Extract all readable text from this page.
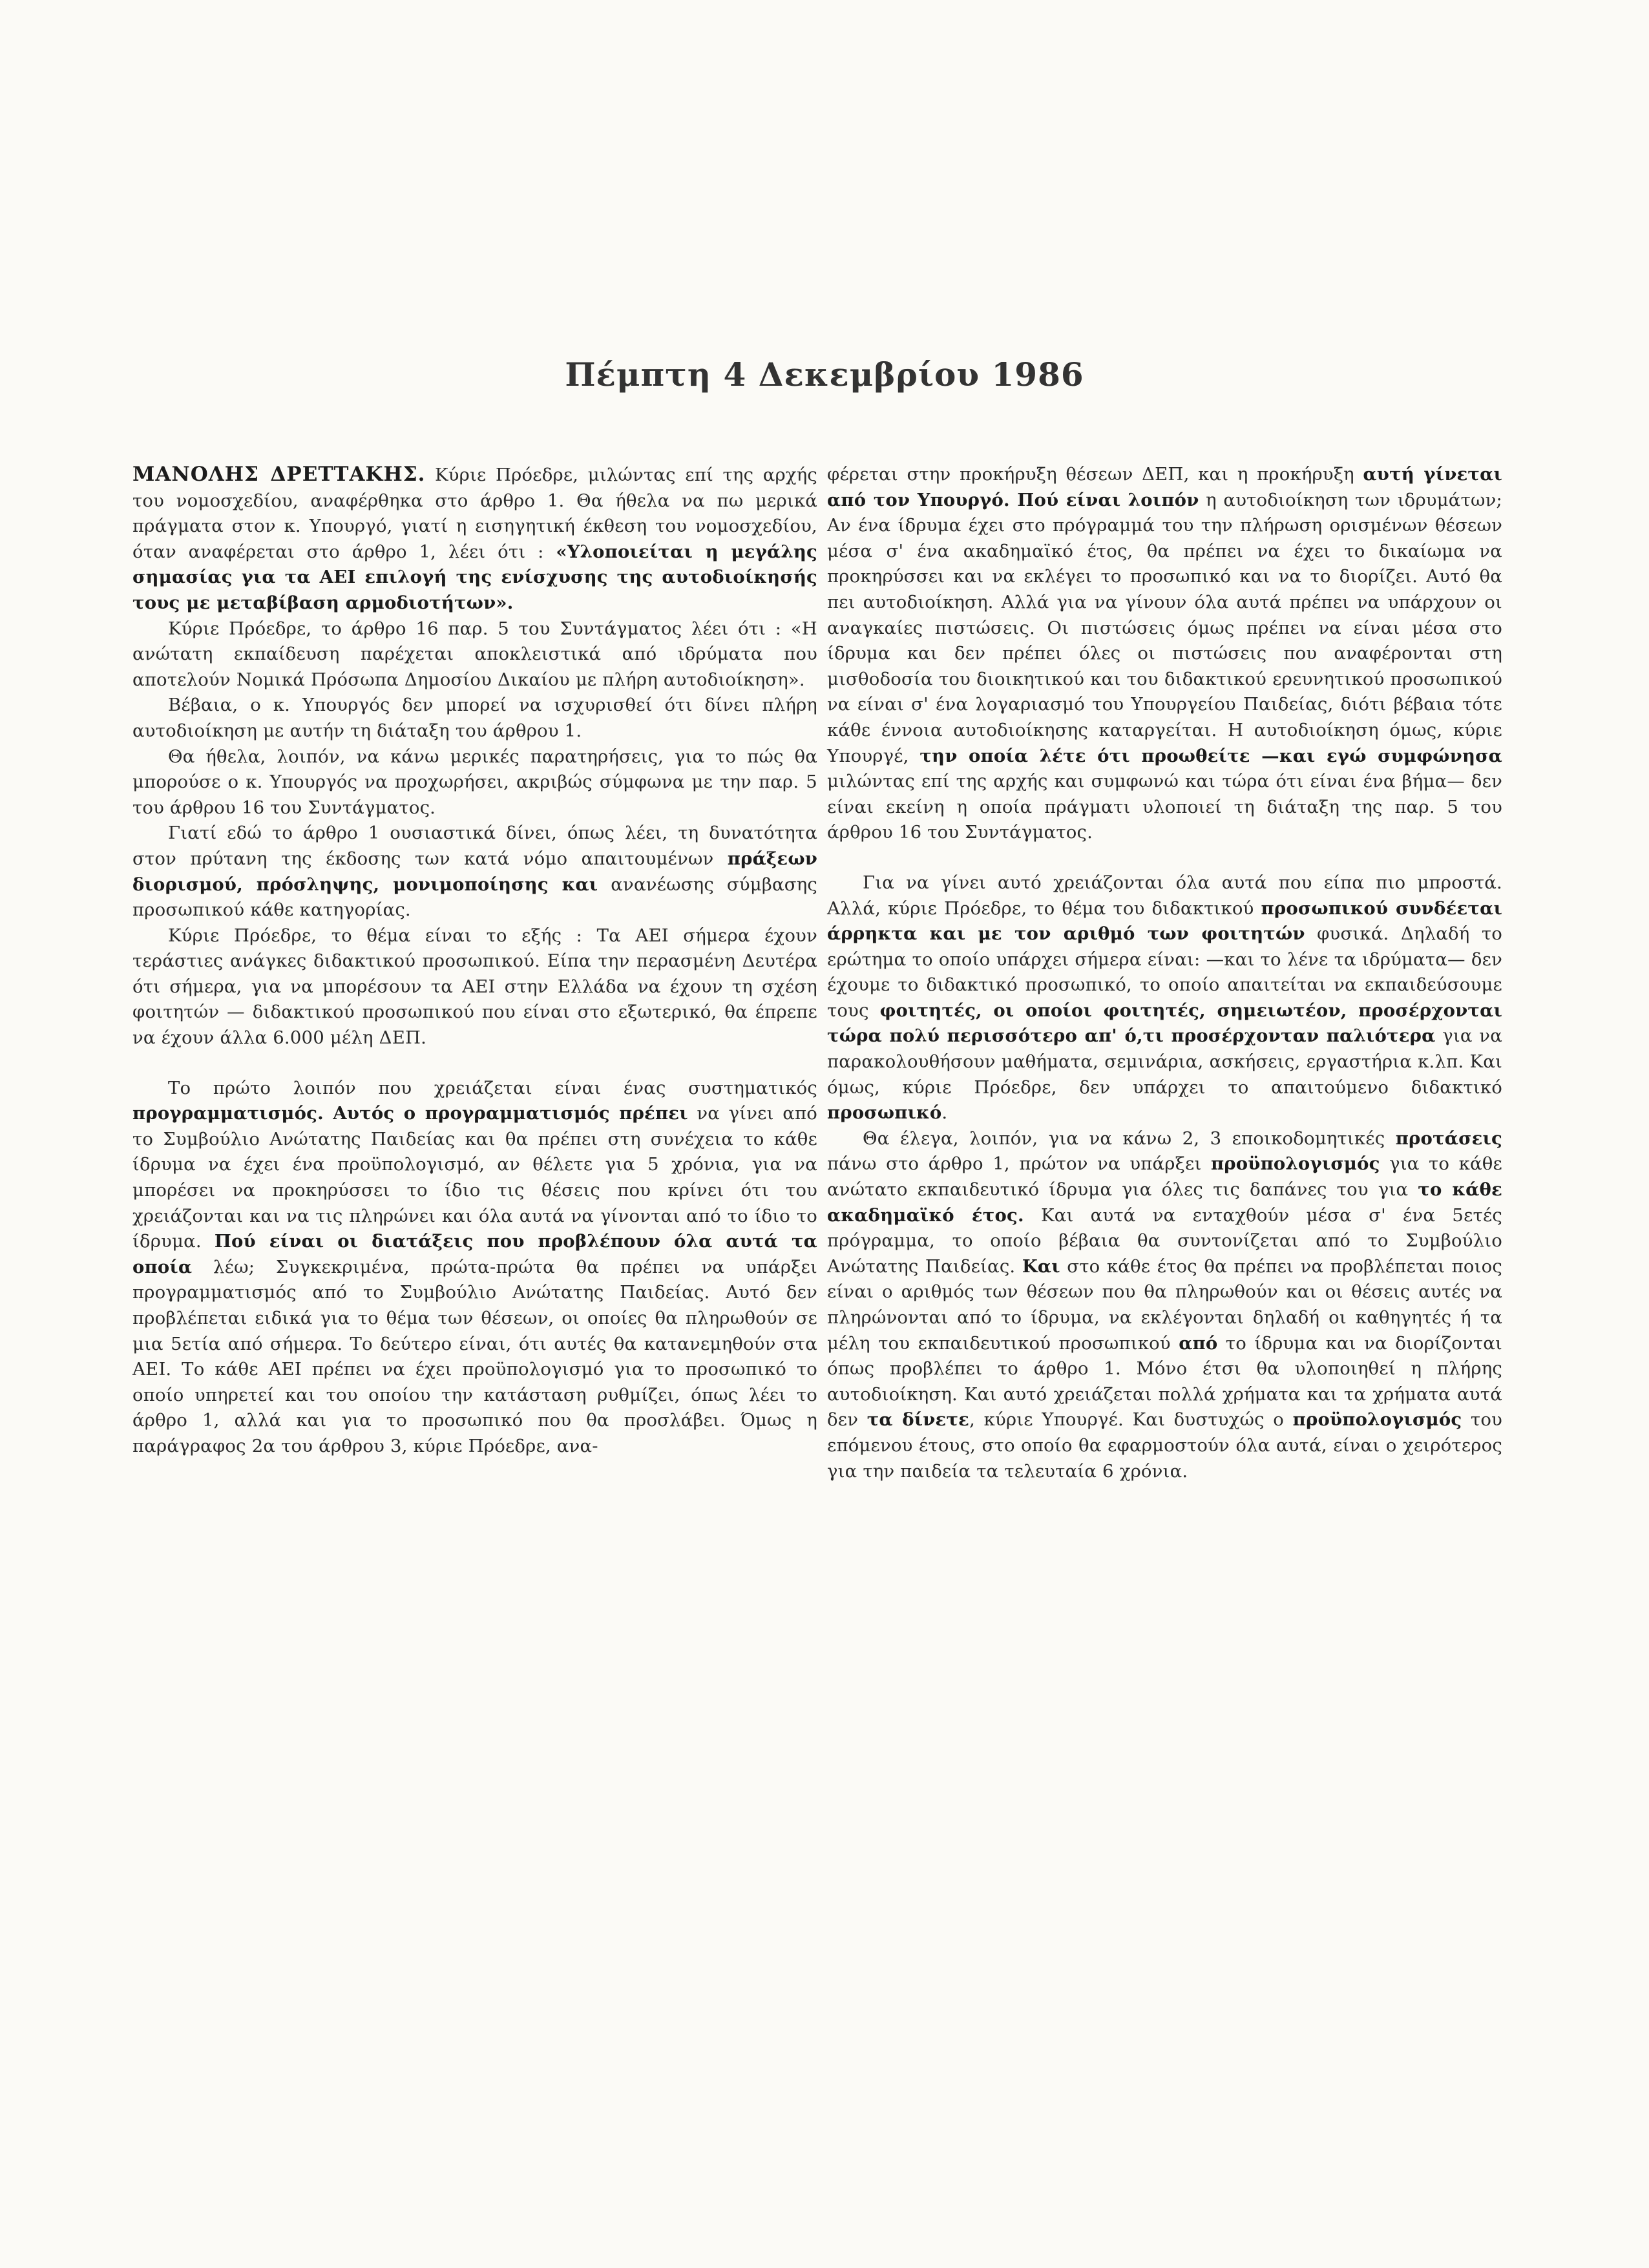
Πέμπτη 4 Δεκεμβρίου 1986

ΜΑΝΟΛΗΣ ΔΡΕΤΤΑΚΗΣ. Κύριε Πρόεδρε, μιλώντας επί της αρχής του νομοσχεδίου, αναφέρθηκα στο άρθρο 1. Θα ήθελα να πω μερικά πράγματα στον κ. Υπουργό, γιατί η εισηγητική έκθεση του νομοσχεδίου, όταν αναφέρεται στο άρθρο 1, λέει ότι : «Υλοποιείται η μεγάλης σημασίας για τα ΑΕΙ επιλογή της ενίσχυσης της αυτοδιοίκησής τους με μεταβίβαση αρμοδιοτήτων».

Κύριε Πρόεδρε, το άρθρο 16 παρ. 5 του Συντάγματος λέει ότι : «Η ανώτατη εκπαίδευση παρέχεται αποκλειστικά από ιδρύματα που αποτελούν Νομικά Πρόσωπα Δημοσίου Δικαίου με πλήρη αυτοδιοίκηση».

Βέβαια, ο κ. Υπουργός δεν μπορεί να ισχυρισθεί ότι δίνει πλήρη αυτοδιοίκηση με αυτήν τη διάταξη του άρθρου 1.

Θα ήθελα, λοιπόν, να κάνω μερικές παρατηρήσεις, για το πώς θα μπορούσε ο κ. Υπουργός να προχωρήσει, ακριβώς σύμφωνα με την παρ. 5 του άρθρου 16 του Συντάγματος.

Γιατί εδώ το άρθρο 1 ουσιαστικά δίνει, όπως λέει, τη δυνατότητα στον πρύτανη της έκδοσης των κατά νόμο απαιτουμένων πράξεων διορισμού, πρόσληψης, μονιμοποίησης και ανανέωσης σύμβασης προσωπικού κάθε κατηγορίας.

Κύριε Πρόεδρε, το θέμα είναι το εξής : Τα ΑΕΙ σήμερα έχουν τεράστιες ανάγκες διδακτικού προσωπικού. Είπα την περασμένη Δευτέρα ότι σήμερα, για να μπορέσουν τα ΑΕΙ στην Ελλάδα να έχουν τη σχέση φοιτητών — διδακτικού προσωπικού που είναι στο εξωτερικό, θα έπρεπε να έχουν άλλα 6.000 μέλη ΔΕΠ.

Το πρώτο λοιπόν που χρειάζεται είναι ένας συστηματικός προγραμματισμός. Αυτός ο προγραμματισμός πρέπει να γίνει από το Συμβούλιο Ανώτατης Παιδείας και θα πρέπει στη συνέχεια το κάθε ίδρυμα να έχει ένα προϋπολογισμό, αν θέλετε για 5 χρόνια, για να μπορέσει να προκηρύσσει το ίδιο τις θέσεις που κρίνει ότι του χρειάζονται και να τις πληρώνει και όλα αυτά να γίνονται από το ίδιο το ίδρυμα. Πού είναι οι διατάξεις που προβλέπουν όλα αυτά τα οποία λέω; Συγκεκριμένα, πρώτα-πρώτα θα πρέπει να υπάρξει προγραμματισμός από το Συμβούλιο Ανώτατης Παιδείας. Αυτό δεν προβλέπεται ειδικά για το θέμα των θέσεων, οι οποίες θα πληρωθούν σε μια 5ετία από σήμερα. Το δεύτερο είναι, ότι αυτές θα κατανεμηθούν στα ΑΕΙ. Το κάθε ΑΕΙ πρέπει να έχει προϋπολογισμό για το προσωπικό το οποίο υπηρετεί και του οποίου την κατάσταση ρυθμίζει, όπως λέει το άρθρο 1, αλλά και για το προσωπικό που θα προσλάβει. Όμως η παράγραφος 2α του άρθρου 3, κύριε Πρόεδρε, ανα-

φέρεται στην προκήρυξη θέσεων ΔΕΠ, και η προκήρυξη αυτή γίνεται από τον Υπουργό. Πού είναι λοιπόν η αυτοδιοίκηση των ιδρυμάτων; Αν ένα ίδρυμα έχει στο πρόγραμμά του την πλήρωση ορισμένων θέσεων μέσα σ' ένα ακαδημαϊκό έτος, θα πρέπει να έχει το δικαίωμα να προκηρύσσει και να εκλέγει το προσωπικό και να το διορίζει. Αυτό θα πει αυτοδιοίκηση. Αλλά για να γίνουν όλα αυτά πρέπει να υπάρχουν οι αναγκαίες πιστώσεις. Οι πιστώσεις όμως πρέπει να είναι μέσα στο ίδρυμα και δεν πρέπει όλες οι πιστώσεις που αναφέρονται στη μισθοδοσία του διοικητικού και του διδακτικού ερευνητικού προσωπικού να είναι σ' ένα λογαριασμό του Υπουργείου Παιδείας, διότι βέβαια τότε κάθε έννοια αυτοδιοίκησης καταργείται. Η αυτοδιοίκηση όμως, κύριε Υπουργέ, την οποία λέτε ότι προωθείτε —και εγώ συμφώνησα μιλώντας επί της αρχής και συμφωνώ και τώρα ότι είναι ένα βήμα— δεν είναι εκείνη η οποία πράγματι υλοποιεί τη διάταξη της παρ. 5 του άρθρου 16 του Συντάγματος.

Για να γίνει αυτό χρειάζονται όλα αυτά που είπα πιο μπροστά. Αλλά, κύριε Πρόεδρε, το θέμα του διδακτικού προσωπικού συνδέεται άρρηκτα και με τον αριθμό των φοιτητών φυσικά. Δηλαδή το ερώτημα το οποίο υπάρχει σήμερα είναι: —και το λένε τα ιδρύματα— δεν έχουμε το διδακτικό προσωπικό, το οποίο απαιτείται να εκπαιδεύσουμε τους φοιτητές, οι οποίοι φοιτητές, σημειωτέον, προσέρχονται τώρα πολύ περισσότερο απ' ό,τι προσέρχονταν παλιότερα για να παρακολουθήσουν μαθήματα, σεμινάρια, ασκήσεις, εργαστήρια κ.λπ. Και όμως, κύριε Πρόεδρε, δεν υπάρχει το απαιτούμενο διδακτικό προσωπικό.

Θα έλεγα, λοιπόν, για να κάνω 2, 3 εποικοδομητικές προτάσεις πάνω στο άρθρο 1, πρώτον να υπάρξει προϋπολογισμός για το κάθε ανώτατο εκπαιδευτικό ίδρυμα για όλες τις δαπάνες του για το κάθε ακαδημαϊκό έτος. Και αυτά να ενταχθούν μέσα σ' ένα 5ετές πρόγραμμα, το οποίο βέβαια θα συντονίζεται από το Συμβούλιο Ανώτατης Παιδείας. Και στο κάθε έτος θα πρέπει να προβλέπεται ποιος είναι ο αριθμός των θέσεων που θα πληρωθούν και οι θέσεις αυτές να πληρώνονται από το ίδρυμα, να εκλέγονται δηλαδή οι καθηγητές ή τα μέλη του εκπαιδευτικού προσωπικού από το ίδρυμα και να διορίζονται όπως προβλέπει το άρθρο 1. Μόνο έτσι θα υλοποιηθεί η πλήρης αυτοδιοίκηση. Και αυτό χρειάζεται πολλά χρήματα και τα χρήματα αυτά δεν τα δίνετε, κύριε Υπουργέ. Και δυστυχώς ο προϋπολογισμός του επόμενου έτους, στο οποίο θα εφαρμοστούν όλα αυτά, είναι ο χειρότερος για την παιδεία τα τελευταία 6 χρόνια.
